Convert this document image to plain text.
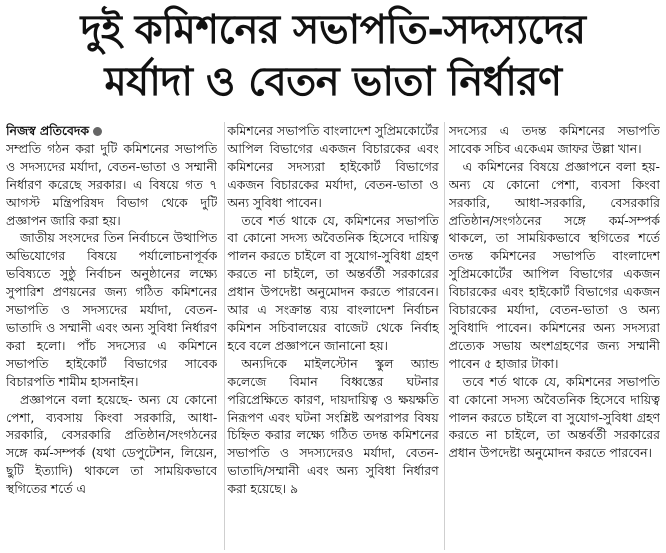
দুই কমিশনের সভাপতি-সদস্যদের
মর্যাদা ও বেতন ভাতা নির্ধারণ

নিজস্ব প্রতিবেদক

সম্প্রতি গঠন করা দুটি কমিশনের সভাপতি ও সদস্যদের মর্যাদা, বেতন-ভাতা ও সম্মানী নির্ধারণ করেছে সরকার। এ বিষয়ে গত ৭ আগস্ট মন্ত্রিপরিষদ বিভাগ থেকে দুটি প্রজ্ঞাপন জারি করা হয়।

জাতীয় সংসদের তিন নির্বাচনে উত্থাপিত অভিযোগের বিষয়ে পর্যালোচনাপূর্বক ভবিষ্যতে সুষ্ঠু নির্বাচন অনুষ্ঠানের লক্ষ্যে সুপারিশ প্রণয়নের জন্য গঠিত কমিশনের সভাপতি ও সদস্যদের মর্যাদা, বেতন-ভাতাদি ও সম্মানী এবং অন্য সুবিধা নির্ধারণ করা হলো। পাঁচ সদস্যের এ কমিশনে সভাপতি হাইকোর্ট বিভাগের সাবেক বিচারপতি শামীম হাসনাইন।

প্রজ্ঞাপনে বলা হয়েছে- অন্য যে কোনো পেশা, ব্যবসায় কিংবা সরকারি, আধা-সরকারি, বেসরকারি প্রতিষ্ঠান/সংগঠনের সঙ্গে কর্ম-সম্পর্ক (যথা ডেপুটেশন, লিয়েন, ছুটি ইত্যাদি) থাকলে তা সাময়িকভাবে স্থগিতের শর্তে এ

কমিশনের সভাপতি বাংলাদেশ সুপ্রিমকোর্টের আপিল বিভাগের একজন বিচারকের এবং কমিশনের সদস্যরা হাইকোর্ট বিভাগের একজন বিচারকের মর্যাদা, বেতন-ভাতা ও অন্য সুবিধা পাবেন।

তবে শর্ত থাকে যে, কমিশনের সভাপতি বা কোনো সদস্য অবৈতনিক হিসেবে দায়িত্ব পালন করতে চাইলে বা সুযোগ-সুবিধা গ্রহণ করতে না চাইলে, তা অন্তর্বর্তী সরকারের প্রধান উপদেষ্টা অনুমোদন করতে পারবেন। আর এ সংক্রান্ত ব্যয় বাংলাদেশ নির্বাচন কমিশন সচিবালয়ের বাজেট থেকে নির্বাহ হবে বলে প্রজ্ঞাপনে জানানো হয়।

অন্যদিকে মাইলস্টোন স্কুল অ্যান্ড কলেজে বিমান বিধ্বস্তের ঘটনার পরিপ্রেক্ষিতে কারণ, দায়দায়িত্ব ও ক্ষয়ক্ষতি নিরূপণ এবং ঘটনা সংশ্লিষ্ট অপরাপর বিষয় চিহ্নিত করার লক্ষ্যে গঠিত তদন্ত কমিশনের সভাপতি ও সদস্যদেরও মর্যাদা, বেতন-ভাতাদি/সম্মানী এবং অন্য সুবিধা নির্ধারণ করা হয়েছে। ৯

সদস্যের এ তদন্ত কমিশনের সভাপতি সাবেক সচিব একেএম জাফর উল্লা খান।

এ কমিশনের বিষয়ে প্রজ্ঞাপনে বলা হয়- অন্য যে কোনো পেশা, ব্যবসা কিংবা সরকারি, আধা-সরকারি, বেসরকারি প্রতিষ্ঠান/সংগঠনের সঙ্গে কর্ম-সম্পর্ক থাকলে, তা সাময়িকভাবে স্থগিতের শর্তে তদন্ত কমিশনের সভাপতি বাংলাদেশ সুপ্রিমকোর্টের আপিল বিভাগের একজন বিচারকের এবং হাইকোর্ট বিভাগের একজন বিচারকের মর্যাদা, বেতন-ভাতা ও অন্য সুবিধাদি পাবেন। কমিশনের অন্য সদস্যরা প্রত্যেক সভায় অংশগ্রহণের জন্য সম্মানী পাবেন ৫ হাজার টাকা।

তবে শর্ত থাকে যে, কমিশনের সভাপতি বা কোনো সদস্য অবৈতনিক হিসেবে দায়িত্ব পালন করতে চাইলে বা সুযোগ-সুবিধা গ্রহণ করতে না চাইলে, তা অন্তর্বর্তী সরকারের প্রধান উপদেষ্টা অনুমোদন করতে পারবেন।
